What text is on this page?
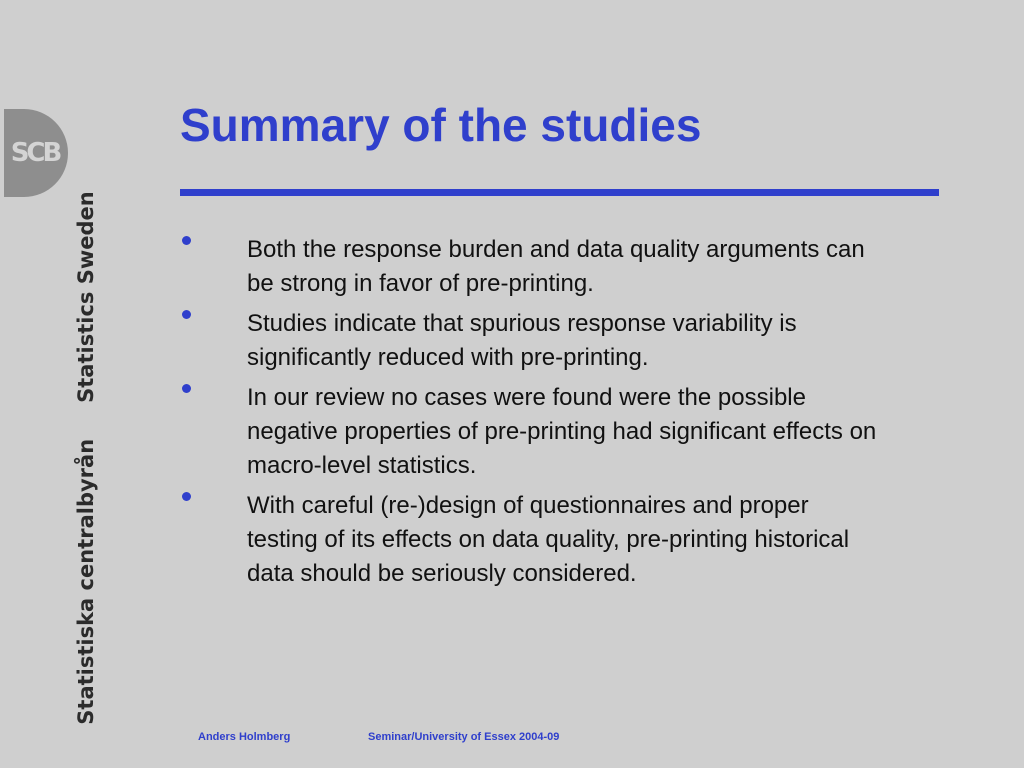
SCB
Statistiska centralbyrånStatistics Sweden
Summary of the studies
Both the response burden and data quality arguments can be strong in favor of pre-printing.
Studies indicate that spurious response variability is significantly reduced with pre-printing.
In our review no cases were found were the possible negative properties of pre-printing had significant effects on macro-level statistics.
With careful (re-)design of questionnaires and proper testing of its effects on data quality, pre-printing historical data should be seriously considered.
Anders Holmberg	Seminar/University of Essex 2004-09
